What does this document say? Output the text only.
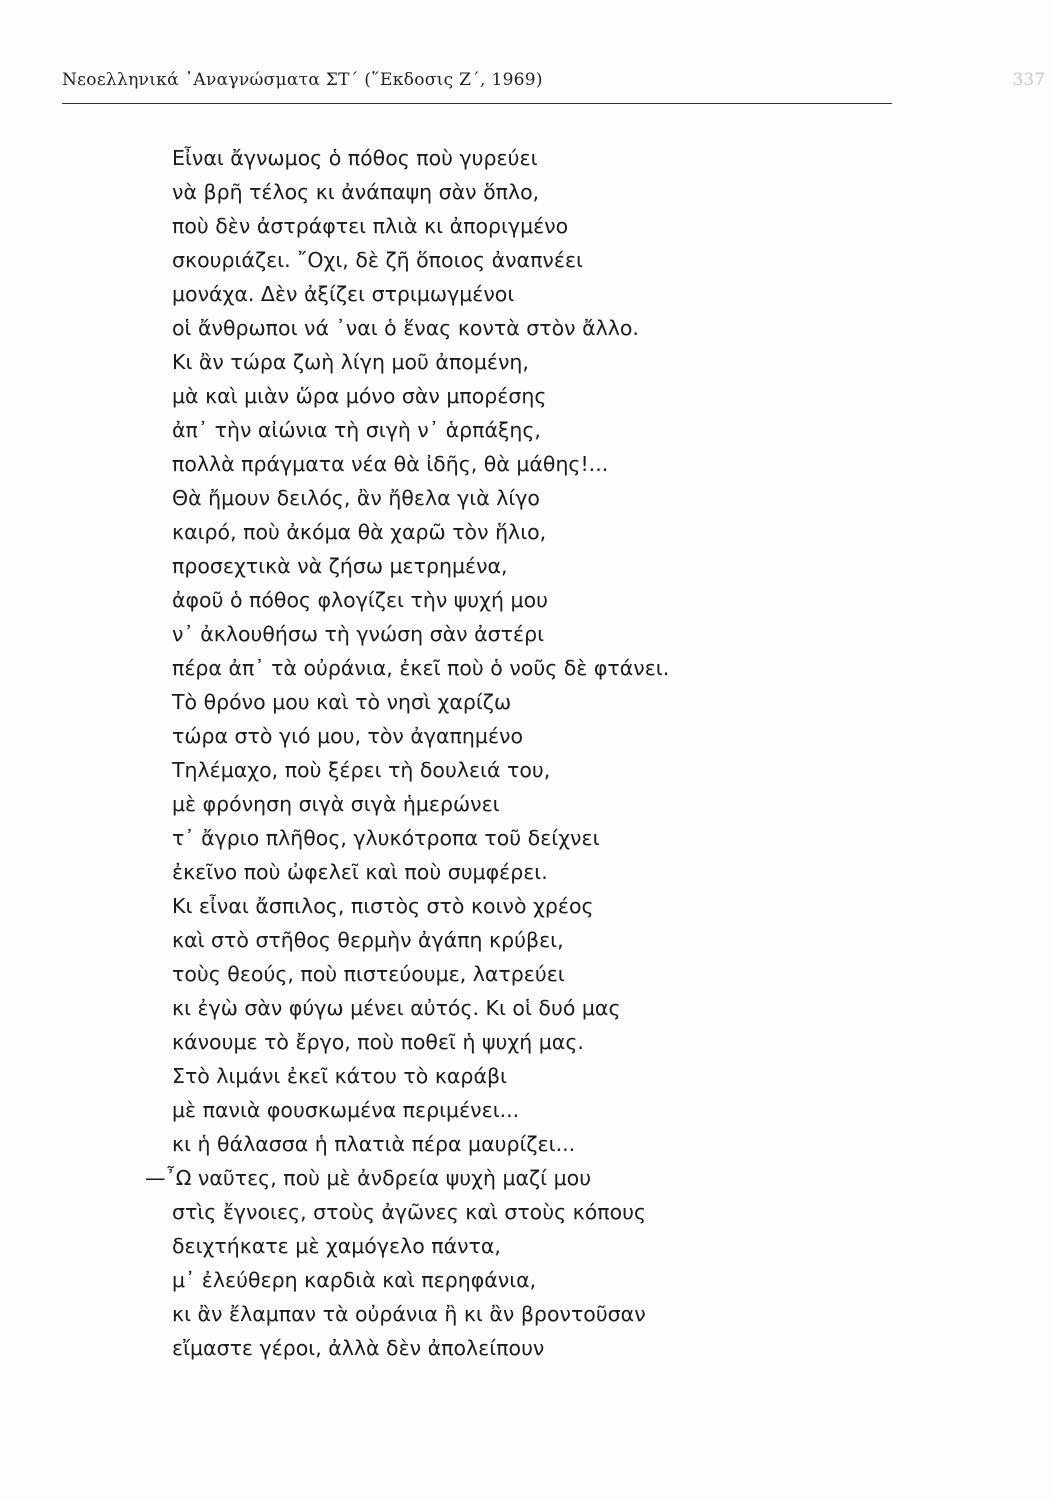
Νεοελληνικά ᾿Αναγνώσματα ΣΤ΄ (῞Εκδοσις Ζ΄, 1969)	337
Εἶναι ἄγνωμος ὁ πόθος ποὺ γυρεύει
νὰ βρῆ τέλος κι ἀνάπαψη σὰν ὅπλο,
ποὺ δὲν ἀστράφτει πλιὰ κι ἀποριγμένο
σκουριάζει. ῎Οχι, δὲ ζῆ ὅποιος ἀναπνέει
μονάχα. Δὲν ἀξίζει στριμωγμένοι
οἱ ἄνθρωποι νά ᾿ναι ὁ ἕνας κοντὰ στὸν ἄλλο.
Κι ἂν τώρα ζωὴ λίγη μοῦ ἀπομένη,
μὰ καὶ μιὰν ὥρα μόνο σὰν μπορέσης
ἀπ᾿ τὴν αἰώνια τὴ σιγὴ ν᾿ ἁρπάξης,
πολλὰ πράγματα νέα θὰ ἰδῆς, θὰ μάθης!...
Θὰ ἤμουν δειλός, ἂν ἤθελα γιὰ λίγο
καιρό, ποὺ ἀκόμα θὰ χαρῶ τὸν ἥλιο,
προσεχτικὰ νὰ ζήσω μετρημένα,
ἀφοῦ ὁ πόθος φλογίζει τὴν ψυχή μου
ν᾿ ἀκλουθήσω τὴ γνώση σὰν ἀστέρι
πέρα ἀπ᾿ τὰ οὐράνια, ἐκεῖ ποὺ ὁ νοῦς δὲ φτάνει.
Τὸ θρόνο μου καὶ τὸ νησὶ χαρίζω
τώρα στὸ γιό μου, τὸν ἀγαπημένο
Τηλέμαχο, ποὺ ξέρει τὴ δουλειά του,
μὲ φρόνηση σιγὰ σιγὰ ἡμερώνει
τ᾿ ἄγριο πλῆθος, γλυκότροπα τοῦ δείχνει
ἐκεῖνο ποὺ ὠφελεῖ καὶ ποὺ συμφέρει.
Κι εἶναι ἄσπιλος, πιστὸς στὸ κοινὸ χρέος
καὶ στὸ στῆθος θερμὴν ἀγάπη κρύβει,
τοὺς θεούς, ποὺ πιστεύουμε, λατρεύει
κι ἐγὼ σὰν φύγω μένει αὐτός. Κι οἱ δυό μας
κάνουμε τὸ ἔργο, ποὺ ποθεῖ ἡ ψυχή μας.
Στὸ λιμάνι ἐκεῖ κάτου τὸ καράβι
μὲ πανιὰ φουσκωμένα περιμένει...
κι ἡ θάλασσα ἡ πλατιὰ πέρα μαυρίζει...
—῏Ω ναῦτες, ποὺ μὲ ἀνδρεία ψυχὴ μαζί μου
στὶς ἔγνοιες, στοὺς ἀγῶνες καὶ στοὺς κόπους
δειχτήκατε μὲ χαμόγελο πάντα,
μ᾿ ἐλεύθερη καρδιὰ καὶ περηφάνια,
κι ἂν ἔλαμπαν τὰ οὐράνια ἢ κι ἂν βροντοῦσαν
εἴμαστε γέροι, ἀλλὰ δὲν ἀπολείπουν
